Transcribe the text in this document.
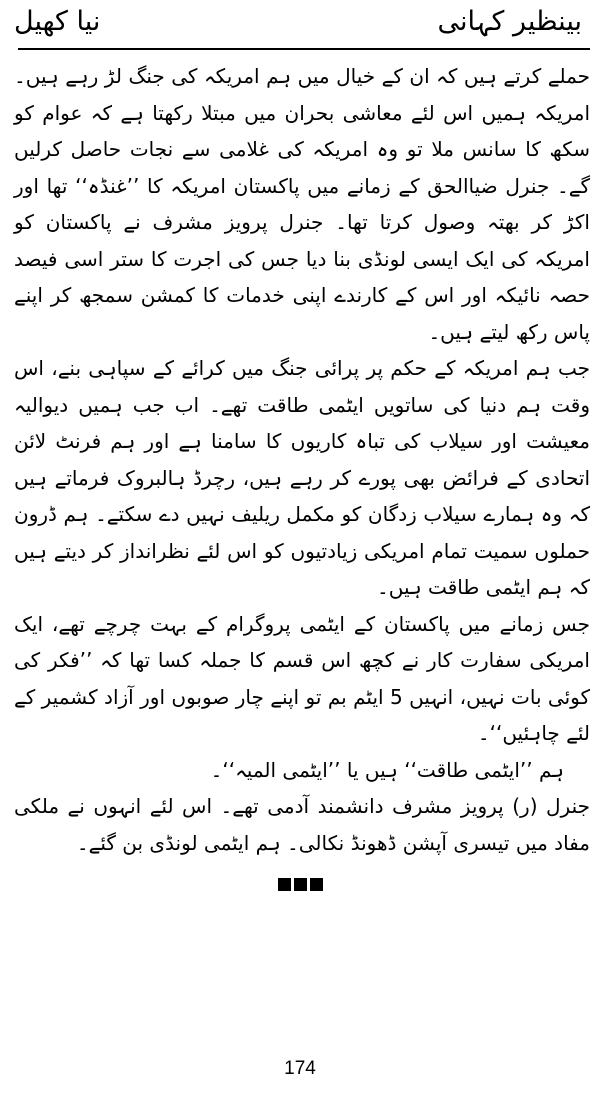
بینظیر کہانی
نیا کھیل

حملے کرتے ہیں کہ ان کے خیال میں ہم امریکہ کی جنگ لڑ رہے ہیں۔ امریکہ ہمیں اس لئے معاشی بحران میں مبتلا رکھتا ہے کہ عوام کو سکھ کا سانس ملا تو وہ امریکہ کی غلامی سے نجات حاصل کرلیں گے۔ جنرل ضیاالحق کے زمانے میں پاکستان امریکہ کا ’’غنڈہ‘‘ تھا اور اکڑ کر بھتہ وصول کرتا تھا۔ جنرل پرویز مشرف نے پاکستان کو امریکہ کی ایک ایسی لونڈی بنا دیا جس کی اجرت کا ستر اسی فیصد حصہ نائیکہ اور اس کے کارندے اپنی خدمات کا کمشن سمجھ کر اپنے پاس رکھ لیتے ہیں۔

جب ہم امریکہ کے حکم پر پرائی جنگ میں کرائے کے سپاہی بنے، اس وقت ہم دنیا کی ساتویں ایٹمی طاقت تھے۔ اب جب ہمیں دیوالیہ معیشت اور سیلاب کی تباہ کاریوں کا سامنا ہے اور ہم فرنٹ لائن اتحادی کے فرائض بھی پورے کر رہے ہیں، رچرڈ ہالبروک فرماتے ہیں کہ وہ ہمارے سیلاب زدگان کو مکمل ریلیف نہیں دے سکتے۔ ہم ڈرون حملوں سمیت تمام امریکی زیادتیوں کو اس لئے نظرانداز کر دیتے ہیں کہ ہم ایٹمی طاقت ہیں۔

جس زمانے میں پاکستان کے ایٹمی پروگرام کے بہت چرچے تھے، ایک امریکی سفارت کار نے کچھ اس قسم کا جملہ کسا تھا کہ ’’فکر کی کوئی بات نہیں، انہیں 5 ایٹم بم تو اپنے چار صوبوں اور آزاد کشمیر کے لئے چاہئیں‘‘۔

ہم ’’ایٹمی طاقت‘‘ ہیں یا ’’ایٹمی المیہ‘‘۔

جنرل (ر) پرویز مشرف دانشمند آدمی تھے۔ اس لئے انہوں نے ملکی مفاد میں تیسری آپشن ڈھونڈ نکالی۔ ہم ایٹمی لونڈی بن گئے۔

174
